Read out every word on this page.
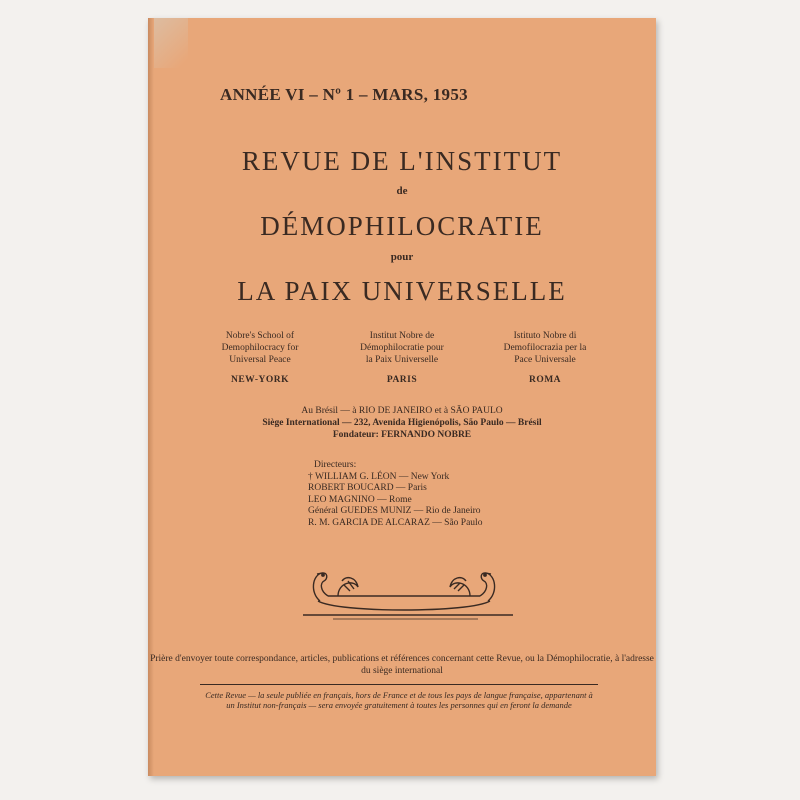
ANNÉE VI – Nº 1 – MARS, 1953
REVUE DE L'INSTITUT
de
DÉMOPHILOCRATIE
pour
LA PAIX UNIVERSELLE
Nobre's School of
Demophilocracy for
Universal Peace
NEW-YORK
Institut Nobre de
Démophilocratie pour
la Paix Universelle
PARIS
Istituto Nobre di
Demofilocrazia per la
Pace Universale
ROMA
Au Brésil — à RIO DE JANEIRO et à SÃO PAULO
Siège International — 232, Avenida Higienópolis, São Paulo — Brésil
Fondateur: FERNANDO NOBRE
Directeurs:
† WILLIAM G. LÉON — New York
ROBERT BOUCARD — Paris
LEO MAGNINO — Rome
Général GUEDES MUNIZ — Rio de Janeiro
R. M. GARCIA DE ALCARAZ — São Paulo
Prière d'envoyer toute correspondance, articles, publications et références concernant cette Revue, ou la Démophilocratie, à l'adresse du siège international
Cette Revue — la seule publiée en français, hors de France et de tous les pays de langue française, appartenant à un Institut non-français — sera envoyée gratuitement à toutes les personnes qui en feront la demande
